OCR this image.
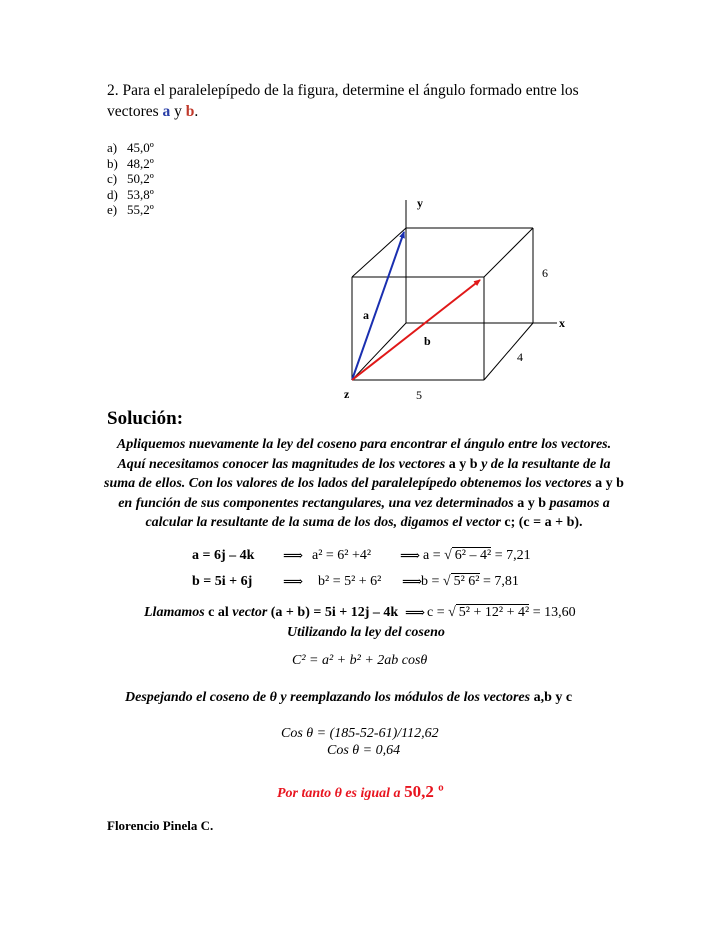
2. Para el paralelepípedo de la figura, determine el ángulo formado entre los vectores a y b.
a) 45,0º
b) 48,2º
c) 50,2º
d) 53,8º
e) 55,2º	y
x
z
a
b
6
4
5
Solución:
Apliquemos nuevamente la ley del coseno para encontrar el ángulo entre los vectores. Aquí necesitamos conocer las magnitudes de los vectores a y b y de la resultante de la suma de ellos. Con los valores de los lados del paralelepípedo obtenemos los vectores a y b en función de sus componentes rectangulares, una vez determinados a y b pasamos a calcular la resultante de la suma de los dos, digamos el vector c; (c = a + b).
a = 6j – 4k ⟹ a² = 6² +4² ⟹ a = √ 6² – 4² = 7,21
b = 5i + 6j ⟹ b² = 5² + 6² ⟹
b = √ 5² 6² = 7,81
Llamamos c al vector (a + b) = 5i + 12j – 4k ⟹ c = √ 5² + 12² + 4² = 13,60
Utilizando la ley del coseno
C² = a² + b² + 2ab cosθ
Despejando el coseno de θ y reemplazando los módulos de los vectores a,b y c
Cos θ = (185-52-61)/112,62
Cos θ = 0,64
Por tanto θ es igual a 50,2 º
Florencio Pinela C.
